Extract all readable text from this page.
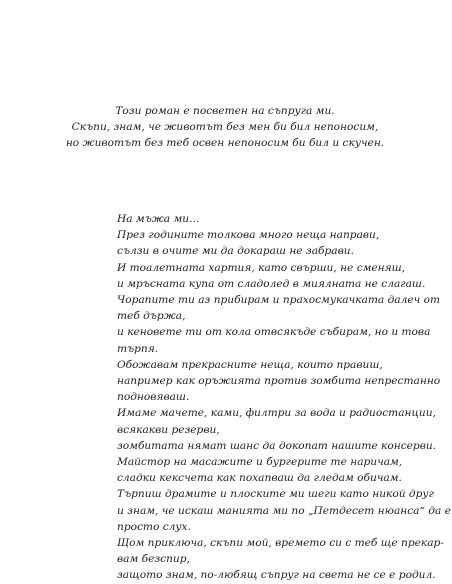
Този роман е посветен на съпруга ми.
Скъпи, знам, че животът без мен би бил непоносим,
но животът без теб освен непоносим би бил и скучен.
На мъжа ми...
През годините толкова много неща направи,
сълзи в очите ми да докараш не забрави.
И тоалетната хартия, като свърши, не сменяш,
и мръсната купа от сладолед в миялната не слагаш.
Чорапите ти аз прибирам и прахосмукачката далеч от
теб държа,
и кеновете ти от кола отвсякъде събирам, но и това
търпя.
Обожавам прекрасните неща, които правиш,
например как оръжията против зомбита непрестанно
подновяваш.
Имаме мачете, ками, филтри за вода и радиостанции,
всякакви резерви,
зомбитата нямат шанс да докопат нашите консерви.
Майстор на масажите и бургерите те наричам,
сладки кексчета как похапваш да гледам обичам.
Търпиш драмите и плоските ми шеги като никой друг
и знам, че искаш манията ми по „Петдесет нюанса“ да е
просто слух.
Щом приключа, скъпи мой, времето си с теб ще прекар-
вам безспир,
защото знам, по-любящ съпруг на света не се е родил.
